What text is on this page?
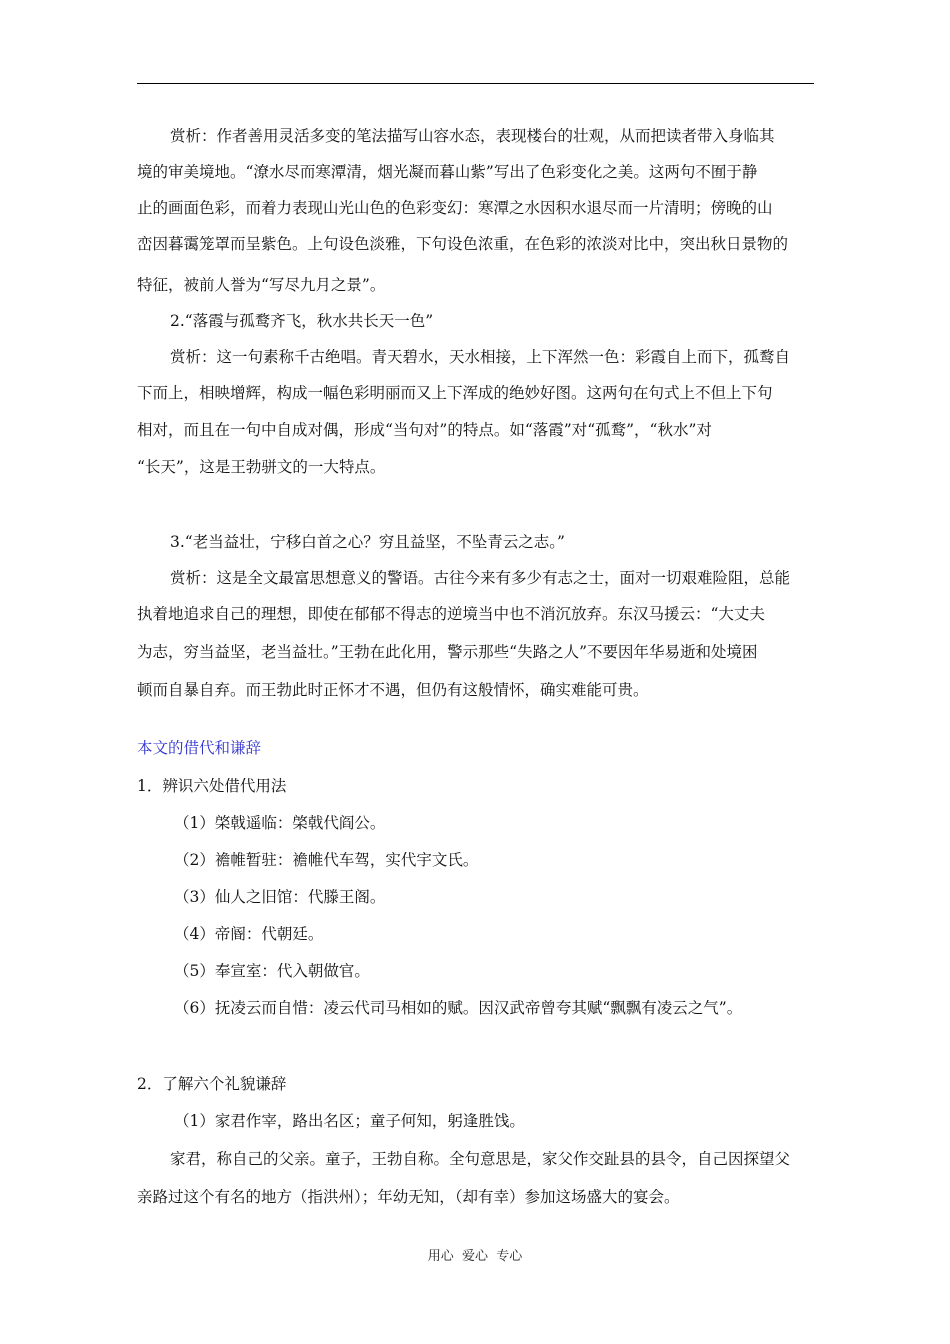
赏析：作者善用灵活多变的笔法描写山容水态，表现楼台的壮观，从而把读者带入身临其
境的审美境地。“潦水尽而寒潭清，烟光凝而暮山紫”写出了色彩变化之美。这两句不囿于静
止的画面色彩，而着力表现山光山色的色彩变幻：寒潭之水因积水退尽而一片清明；傍晚的山
峦因暮霭笼罩而呈紫色。上句设色淡雅，下句设色浓重，在色彩的浓淡对比中，突出秋日景物的
特征，被前人誉为“写尽九月之景”。
2.“落霞与孤鹜齐飞，秋水共长天一色”
赏析：这一句素称千古绝唱。青天碧水，天水相接，上下浑然一色：彩霞自上而下，孤鹜自
下而上，相映增辉，构成一幅色彩明丽而又上下浑成的绝妙好图。这两句在句式上不但上下句
相对，而且在一句中自成对偶，形成“当句对”的特点。如“落霞”对“孤鹜”，“秋水”对
“长天”，这是王勃骈文的一大特点。
3.“老当益壮，宁移白首之心？穷且益坚，不坠青云之志。”
赏析：这是全文最富思想意义的警语。古往今来有多少有志之士，面对一切艰难险阻，总能
执着地追求自己的理想，即使在郁郁不得志的逆境当中也不消沉放弃。东汉马援云：“大丈夫
为志，穷当益坚，老当益壮。”王勃在此化用，警示那些“失路之人”不要因年华易逝和处境困
顿而自暴自弃。而王勃此时正怀才不遇，但仍有这般情怀，确实难能可贵。
本文的借代和谦辞
1．辨识六处借代用法
（1）棨戟遥临：棨戟代阎公。
（2）襜帷暂驻：襜帷代车驾，实代宇文氏。
（3）仙人之旧馆：代滕王阁。
（4）帝阍：代朝廷。
（5）奉宣室：代入朝做官。
（6）抚凌云而自惜：凌云代司马相如的赋。因汉武帝曾夸其赋“飘飘有凌云之气”。
2．了解六个礼貌谦辞
（1）家君作宰，路出名区；童子何知，躬逢胜饯。
家君，称自己的父亲。童子，王勃自称。全句意思是，家父作交趾县的县令，自己因探望父
亲路过这个有名的地方（指洪州）；年幼无知，（却有幸）参加这场盛大的宴会。
用心  爱心  专心
